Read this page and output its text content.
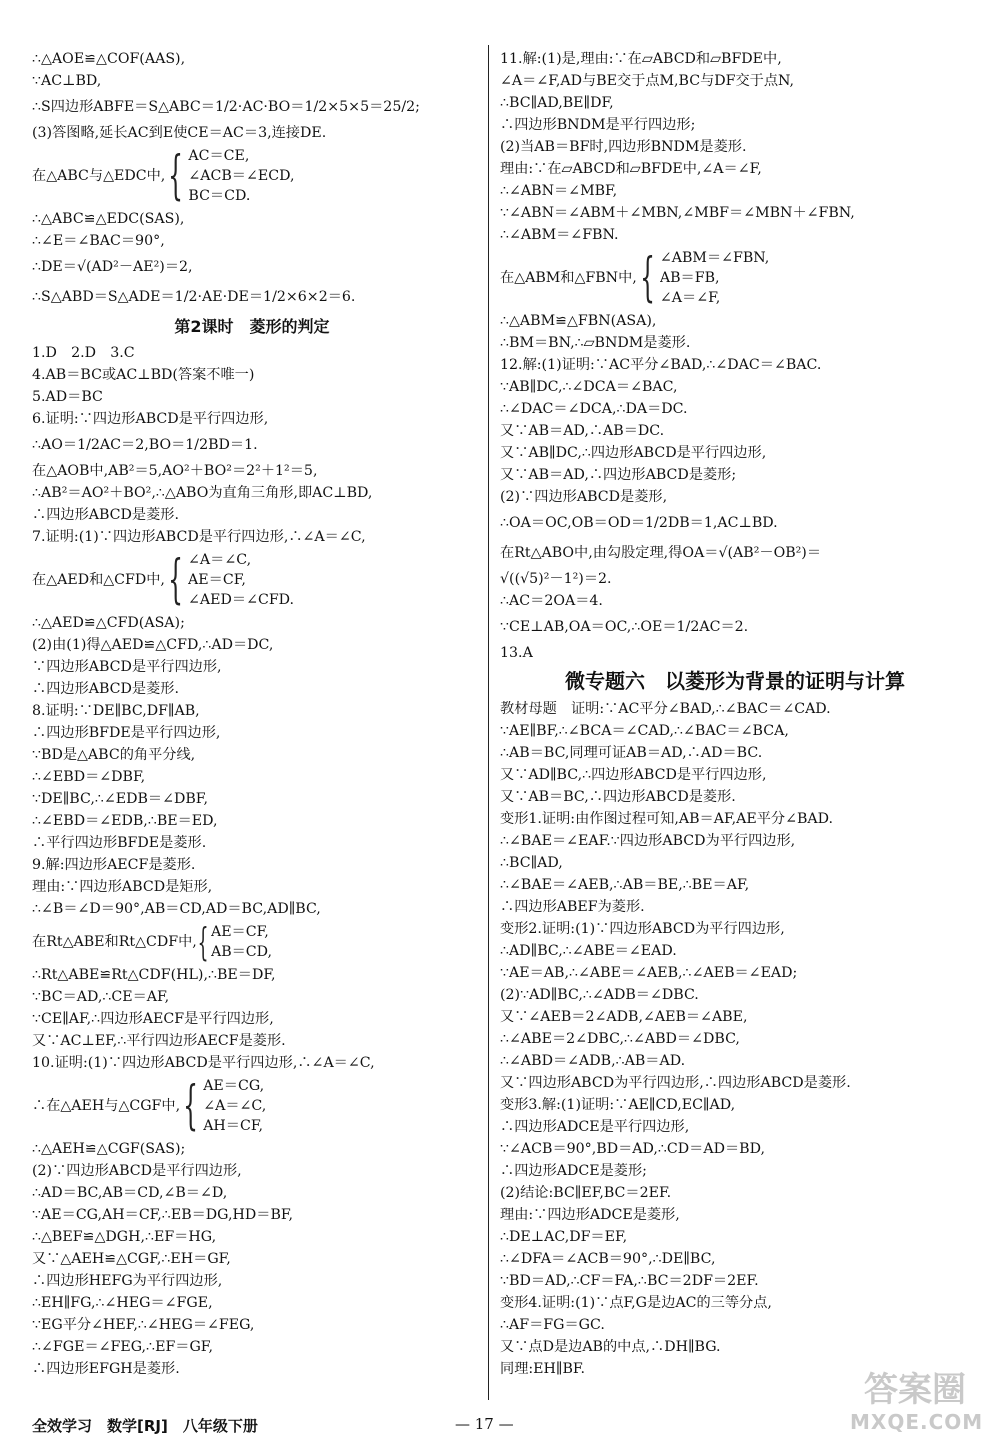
∴△AOE≌△COF(AAS),
∵AC⊥BD,
∴S四边形ABFE＝S△ABC＝1/2·AC·BO＝1/2×5×5＝25/2;
(3)答图略,延长AC到E使CE＝AC＝3,连接DE.
在△ABC与△EDC中, { AC＝CE,
∠ACB＝∠ECD,
BC＝CD.
∴△ABC≌△EDC(SAS),
∴∠E＝∠BAC＝90°,
∴DE＝√(AD²－AE²)＝2,
∴S△ABD＝S△ADE＝1/2·AE·DE＝1/2×6×2＝6.
第2课时　菱形的判定
1.D　2.D　3.C
4.AB＝BC或AC⊥BD(答案不唯一)
5.AD＝BC
6.证明:∵四边形ABCD是平行四边形,
∴AO＝1/2AC＝2,BO＝1/2BD＝1.
在△AOB中,AB²＝5,AO²＋BO²＝2²＋1²＝5,
∴AB²＝AO²＋BO²,∴△ABO为直角三角形,即AC⊥BD,
∴四边形ABCD是菱形.
7.证明:(1)∵四边形ABCD是平行四边形,∴∠A＝∠C,
在△AED和△CFD中, { ∠A＝∠C,
AE＝CF,
∠AED＝∠CFD.
∴△AED≌△CFD(ASA);
(2)由(1)得△AED≌△CFD,∴AD＝DC,
∵四边形ABCD是平行四边形,
∴四边形ABCD是菱形.
8.证明:∵DE∥BC,DF∥AB,
∴四边形BFDE是平行四边形,
∵BD是△ABC的角平分线,
∴∠EBD＝∠DBF,
∵DE∥BC,∴∠EDB＝∠DBF,
∴∠EBD＝∠EDB,∴BE＝ED,
∴平行四边形BFDE是菱形.
9.解:四边形AECF是菱形.
理由:∵四边形ABCD是矩形,
∴∠B＝∠D＝90°,AB＝CD,AD＝BC,AD∥BC,
在Rt△ABE和Rt△CDF中, { AE＝CF,
AB＝CD,
∴Rt△ABE≌Rt△CDF(HL),∴BE＝DF,
∵BC＝AD,∴CE＝AF,
∵CE∥AF,∴四边形AECF是平行四边形,
又∵AC⊥EF,∴平行四边形AECF是菱形.
10.证明:(1)∵四边形ABCD是平行四边形,∴∠A＝∠C,
∴在△AEH与△CGF中, { AE＝CG,
∠A＝∠C,
AH＝CF,
∴△AEH≌△CGF(SAS);
(2)∵四边形ABCD是平行四边形,
∴AD＝BC,AB＝CD,∠B＝∠D,
∵AE＝CG,AH＝CF,∴EB＝DG,HD＝BF,
∴△BEF≌△DGH,∴EF＝HG,
又∵△AEH≌△CGF,∴EH＝GF,
∴四边形HEFG为平行四边形,
∴EH∥FG,∴∠HEG＝∠FGE,
∵EG平分∠HEF,∴∠HEG＝∠FEG,
∴∠FGE＝∠FEG,∴EF＝GF,
∴四边形EFGH是菱形.
11.解:(1)是,理由:∵在▱ABCD和▱BFDE中,
∠A＝∠F,AD与BE交于点M,BC与DF交于点N,
∴BC∥AD,BE∥DF,
∴四边形BNDM是平行四边形;
(2)当AB＝BF时,四边形BNDM是菱形.
理由:∵在▱ABCD和▱BFDE中,∠A＝∠F,
∴∠ABN＝∠MBF,
∵∠ABN＝∠ABM＋∠MBN,∠MBF＝∠MBN＋∠FBN,
∴∠ABM＝∠FBN.
在△ABM和△FBN中, { ∠ABM＝∠FBN,
AB＝FB,
∠A＝∠F,
∴△ABM≌△FBN(ASA),
∴BM＝BN,∴▱BNDM是菱形.
12.解:(1)证明:∵AC平分∠BAD,∴∠DAC＝∠BAC.
∵AB∥DC,∴∠DCA＝∠BAC,
∴∠DAC＝∠DCA,∴DA＝DC.
又∵AB＝AD,∴AB＝DC.
又∵AB∥DC,∴四边形ABCD是平行四边形,
又∵AB＝AD,∴四边形ABCD是菱形;
(2)∵四边形ABCD是菱形,
∴OA＝OC,OB＝OD＝1/2DB＝1,AC⊥BD.
在Rt△ABO中,由勾股定理,得OA＝√(AB²－OB²)＝
√((√5)²－1²)＝2.
∴AC＝2OA＝4.
∵CE⊥AB,OA＝OC,∴OE＝1/2AC＝2.
13.A
微专题六　以菱形为背景的证明与计算
教材母题　证明:∵AC平分∠BAD,∴∠BAC＝∠CAD.
∵AE∥BF,∴∠BCA＝∠CAD,∴∠BAC＝∠BCA,
∴AB＝BC,同理可证AB＝AD,∴AD＝BC.
又∵AD∥BC,∴四边形ABCD是平行四边形,
又∵AB＝BC,∴四边形ABCD是菱形.
变形1.证明:由作图过程可知,AB＝AF,AE平分∠BAD.
∴∠BAE＝∠EAF.∵四边形ABCD为平行四边形,
∴BC∥AD,
∴∠BAE＝∠AEB,∴AB＝BE,∴BE＝AF,
∴四边形ABEF为菱形.
变形2.证明:(1)∵四边形ABCD为平行四边形,
∴AD∥BC,∴∠ABE＝∠EAD.
∵AE＝AB,∴∠ABE＝∠AEB,∴∠AEB＝∠EAD;
(2)∵AD∥BC,∴∠ADB＝∠DBC.
又∵∠AEB＝2∠ADB,∠AEB＝∠ABE,
∴∠ABE＝2∠DBC,∴∠ABD＝∠DBC,
∴∠ABD＝∠ADB,∴AB＝AD.
又∵四边形ABCD为平行四边形,∴四边形ABCD是菱形.
变形3.解:(1)证明:∵AE∥CD,EC∥AD,
∴四边形ADCE是平行四边形,
∵∠ACB＝90°,BD＝AD,∴CD＝AD＝BD,
∴四边形ADCE是菱形;
(2)结论:BC∥EF,BC＝2EF.
理由:∵四边形ADCE是菱形,
∴DE⊥AC,DF＝EF,
∴∠DFA＝∠ACB＝90°,∴DE∥BC,
∵BD＝AD,∴CF＝FA,∴BC＝2DF＝2EF.
变形4.证明:(1)∵点F,G是边AC的三等分点,
∴AF＝FG＝GC.
又∵点D是边AB的中点,∴DH∥BG.
同理:EH∥BF.
全效学习　数学[RJ]　八年级下册	— 17 —
答案圈
MXQE.COM
